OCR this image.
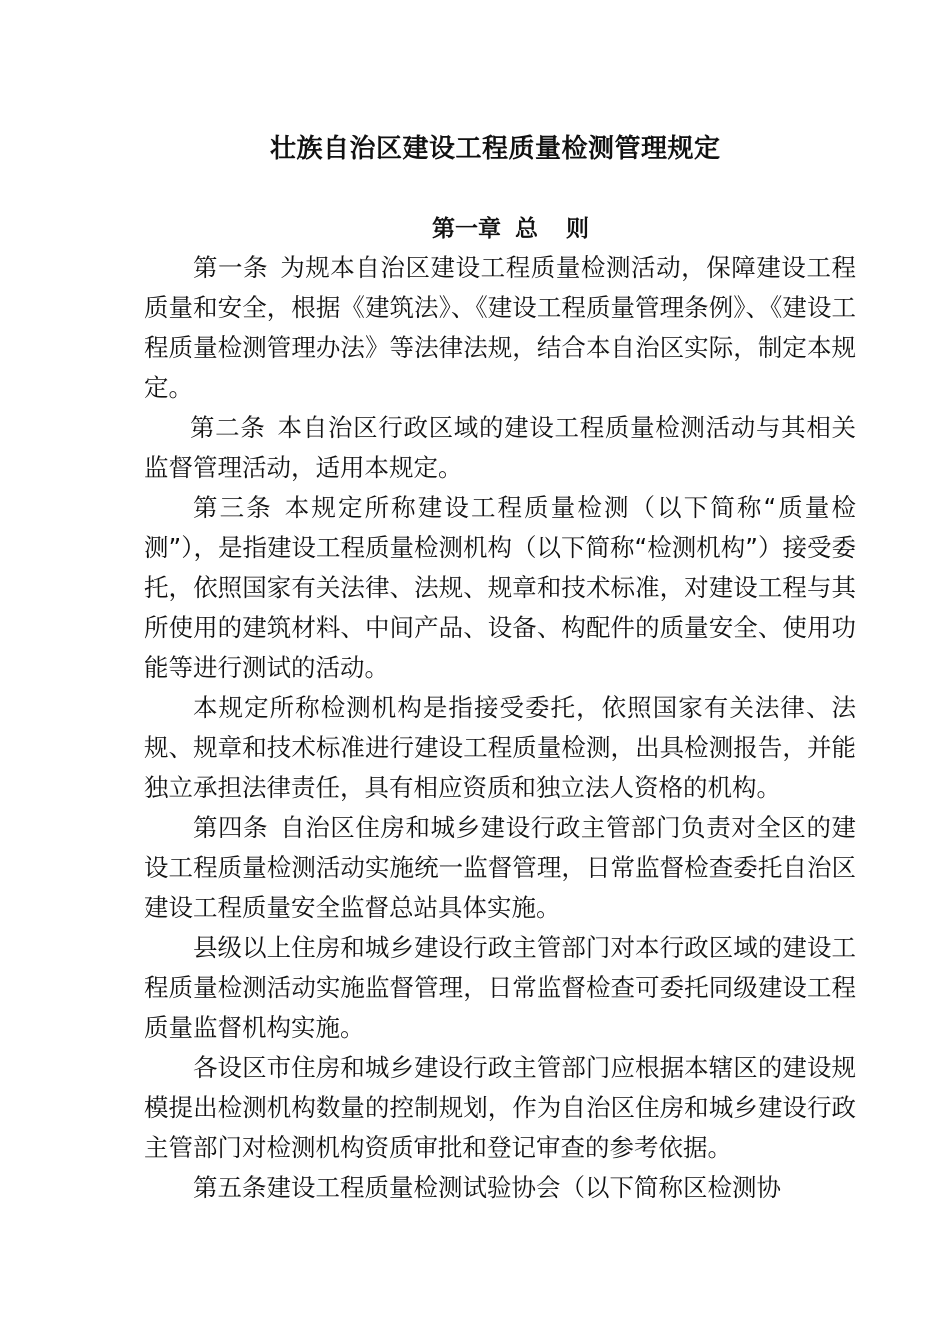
壮族自治区建设工程质量检测管理规定
第一章 总 则

第一条 为规本自治区建设工程质量检测活动，保障建设工程质量和安全，根据《建筑法》、《建设工程质量管理条例》、《建设工程质量检测管理办法》等法律法规，结合本自治区实际，制定本规定。

第二条 本自治区行政区域的建设工程质量检测活动与其相关监督管理活动，适用本规定。

第三条 本规定所称建设工程质量检测（以下简称“质量检测”），是指建设工程质量检测机构（以下简称“检测机构”）接受委托，依照国家有关法律、法规、规章和技术标准，对建设工程与其所使用的建筑材料、中间产品、设备、构配件的质量安全、使用功能等进行测试的活动。

本规定所称检测机构是指接受委托，依照国家有关法律、法规、规章和技术标准进行建设工程质量检测，出具检测报告，并能独立承担法律责任，具有相应资质和独立法人资格的机构。

第四条 自治区住房和城乡建设行政主管部门负责对全区的建设工程质量检测活动实施统一监督管理，日常监督检查委托自治区建设工程质量安全监督总站具体实施。

县级以上住房和城乡建设行政主管部门对本行政区域的建设工程质量检测活动实施监督管理，日常监督检查可委托同级建设工程质量监督机构实施。

各设区市住房和城乡建设行政主管部门应根据本辖区的建设规模提出检测机构数量的控制规划，作为自治区住房和城乡建设行政主管部门对检测机构资质审批和登记审查的参考依据。

第五条建设工程质量检测试验协会（以下简称区检测协
